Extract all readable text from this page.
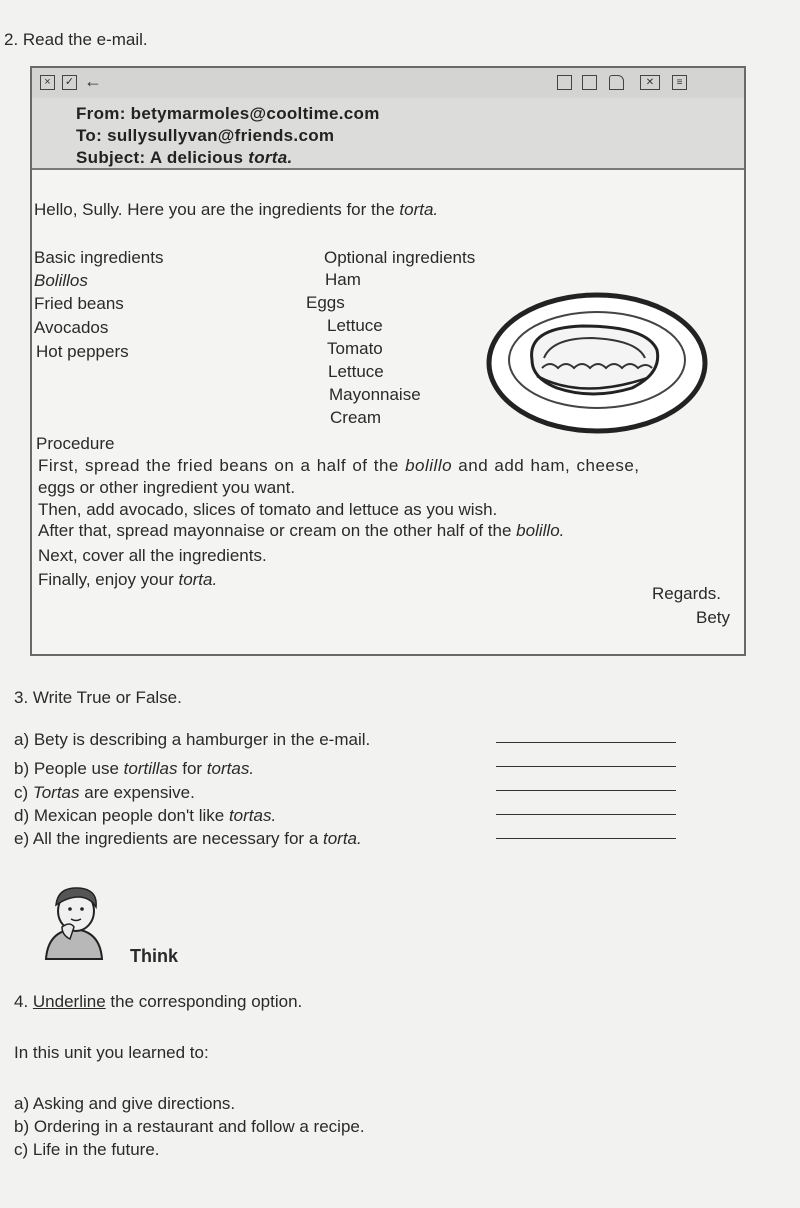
2. Read the e-mail.
×	✓ ←	✕	≡
From: betymarmoles@cooltime.com
To: sullysullyvan@friends.com
Subject: A delicious torta.
Hello, Sully. Here you are the ingredients for the torta.
Basic ingredients
Bolillos
Fried beans
Avocados
Hot peppers
Optional ingredients
Ham
Eggs
Lettuce
Tomato
Lettuce
Mayonnaise
Cream
Procedure
First, spread the fried beans on a half of the bolillo and add ham, cheese,
eggs or other ingredient you want.
Then, add avocado, slices of tomato and lettuce as you wish.
After that, spread mayonnaise or cream on the other half of the bolillo.
Next, cover all the ingredients.
Finally, enjoy your torta.
Regards.
Bety
3. Write True or False.
a) Bety is describing a hamburger in the e-mail.
b) People use tortillas for tortas.
c) Tortas are expensive.
d) Mexican people don't like tortas.
e) All the ingredients are necessary for a torta.
Think
4. Underline the corresponding option.
In this unit you learned to:
a) Asking and give directions.
b) Ordering in a restaurant and follow a recipe.
c) Life in the future.
